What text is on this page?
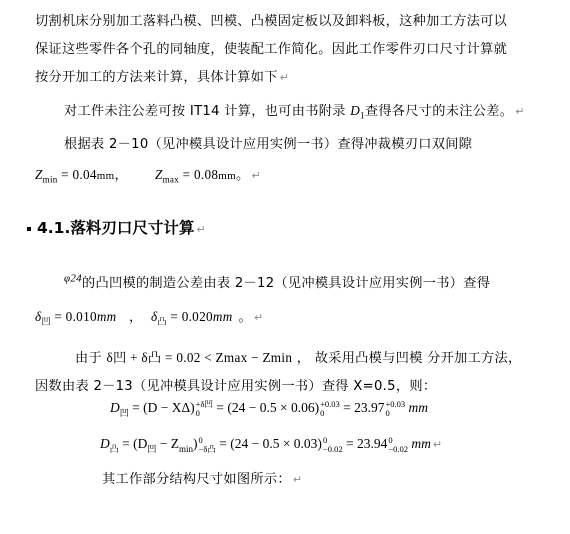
切割机床分别加工落料凸模、凹模、凸模固定板以及卸料板，这种加工方法可以
保证这些零件各个孔的同轴度，使装配工作简化。因此工作零件刃口尺寸计算就
按分开加工的方法来计算，具体计算如下 ↵
对工件未注公差可按 IT14 计算，也可由书附录 $D_1$查得各尺寸的未注公差。 ↵
根据表 2－10（见冲模具设计应用实例一书）查得冲裁模刃口双间隙
$Z_{min} = 0.04mm$， $Z_{max} = 0.08mm$。 ↵
4.1.落料刃口尺寸计算 ↵
$^{\varphi 24}$的凸凹模的制造公差由表 2－12（见冲模具设计应用实例一书）查得
$\delta_凹 = 0.010mm$ ， $\delta_凸 = 0.020mm$ 。 ↵
由于 δ凹 + δ凸 = 0.02 < Zmax − Zmin ， 故采用凸模与凹模 分开加工方法，
因数由表 2－13（见冲模具设计应用实例一书）查得 X=0.5，则：
$D_凹 = (D - X\Delta) +\delta$凹
0 = (24 − 0.5 × 0.06) +0.03
0	= 23.97 +0.03
0	mm
$D_凸 = (D_凹 - Z_{min})$ 0
−δ凸 = (24 − 0.5 × 0.03) 0
−0.02 = 23.94 0
−0.02 mm ↵
其工作部分结构尺寸如图所示： ↵
